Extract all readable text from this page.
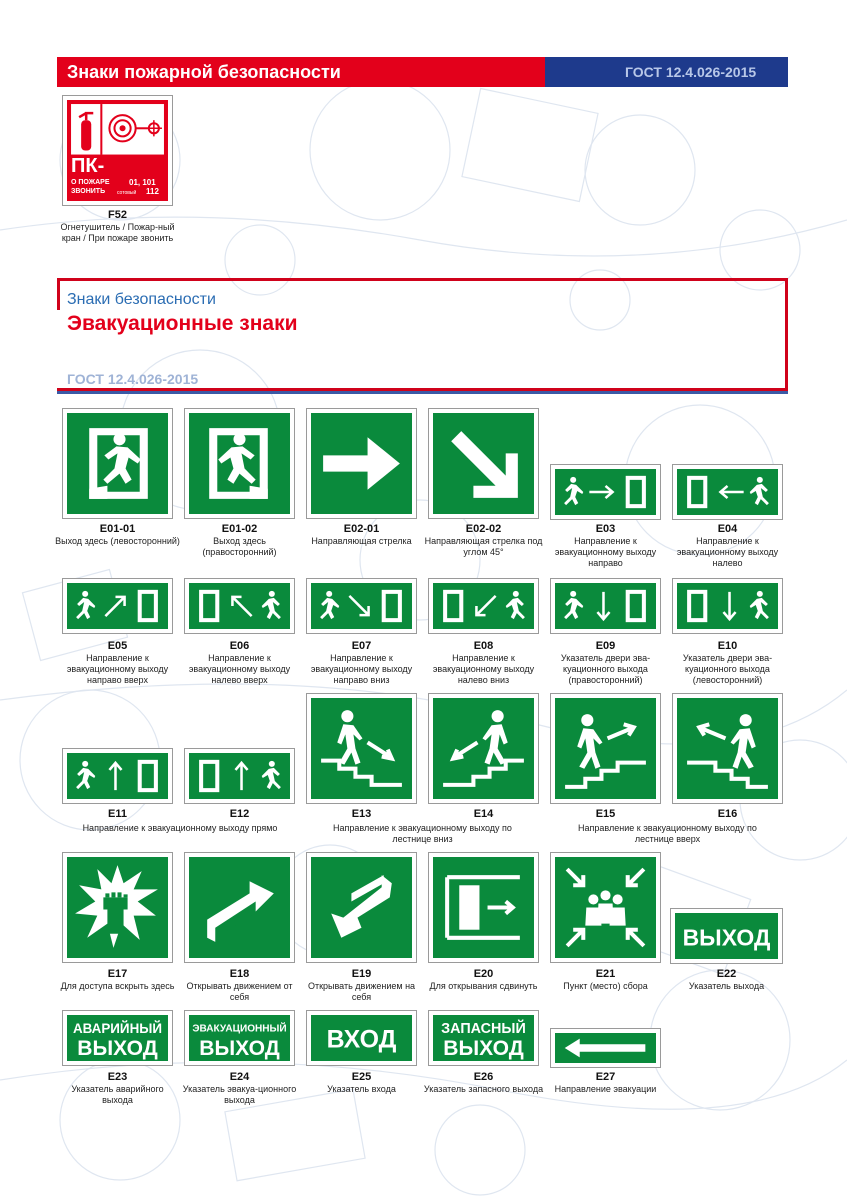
Знаки пожарной безопасности	ГОСТ 12.4.026-2015
ПК-
О ПОЖАРЕ
ЗВОНИТЬ
01, 101
сотовый 112
F52
Огнетушитель / Пожар-ный кран / При пожаре звонить
Знаки безопасности
Эвакуационные знаки
ГОСТ 12.4.026-2015
E01-01
Выход здесь (левосторонний)
E01-02
Выход здесь (правосторонний)
E02-01
Направляющая стрелка
E02-02
Направляющая стрелка под углом 45°
E03
Направление к эвакуационному выходу направо
E04
Направление к эвакуационному выходу налево
E05
Направление к эвакуационному выходу направо вверх
E06
Направление к эвакуационному выходу налево вверх
E07
Направление к эвакуационному выходу направо вниз
E08
Направление к эвакуационному выходу налево вниз
E09
Указатель двери эва-куационного выхода (правосторонний)
E10
Указатель двери эва-куационного выхода (левосторонний)
E11	E12
Направление к эвакуационному выходу прямо
E13	E14
Направление к эвакуационному выходу по лестнице вниз
E15	E16
Направление к эвакуационному выходу по лестнице вверх
E17
Для доступа вскрыть здесь
E18
Открывать движением от себя
E19
Открывать движением на себя
E20
Для открывания сдвинуть
E21
Пункт (место) сбора
ВЫХОД
E22
Указатель выхода
АВАРИЙНЫЙ
ВЫХОД
E23
Указатель аварийного выхода
ЭВАКУАЦИОННЫЙ
ВЫХОД
E24
Указатель эвакуа-ционного выхода
ВХОД
E25
Указатель входа
ЗАПАСНЫЙ
ВЫХОД
E26
Указатель запасного выхода
E27
Направление эвакуации
